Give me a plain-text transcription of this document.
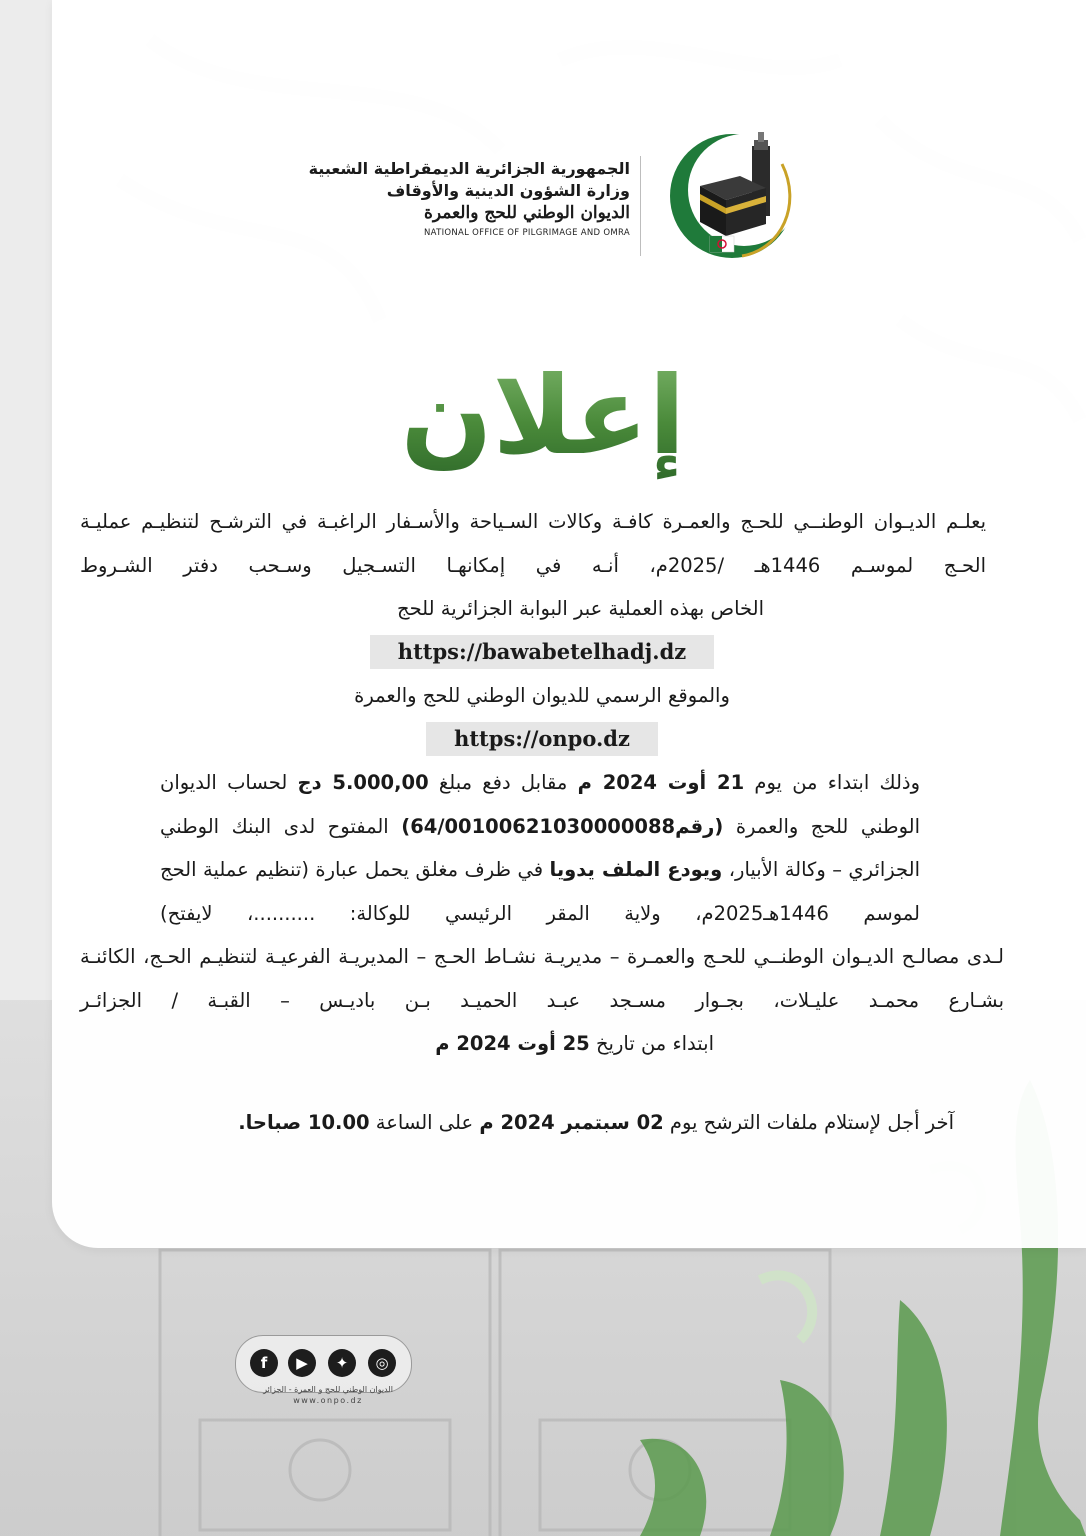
الجمهورية الجزائرية الديمقراطية الشعبية
وزارة الشؤون الدينية والأوقاف
الديوان الوطني للحج والعمرة
NATIONAL OFFICE OF PILGRIMAGE AND OMRA
إعلان
يعلـم الديـوان الوطنــي للحـج والعمـرة كافـة وكالات السـياحة والأسـفار الراغبـة في الترشـح لتنظيـم عمليـة الحـج لموسـم 1446هـ /2025م، أنـه في إمكانهـا التسـجيل وسـحب دفتر الشـروط
الخاص بهذه العملية عبر البوابة الجزائرية للحج
https://bawabetelhadj.dz
والموقع الرسمي للديوان الوطني للحج والعمرة
https://onpo.dz
وذلك ابتداء من يوم 21 أوت 2024 م مقابل دفع مبلغ 5.000,00 دج لحساب الديوان الوطني للحج والعمرة (رقم64/00100621030000088) المفتوح لدى البنك الوطني الجزائري – وكالة الأبيار، ويودع الملف يدويا في ظرف مغلق يحمل عبارة (تنظيم عملية الحج لموسم 1446هـ2025م، ولاية المقر الرئيسي للوكالة: ..........، لايفتح)
لـدى مصالـح الديـوان الوطنــي للحـج والعمـرة – مديريـة نشـاط الحـج – المديريـة الفرعيـة لتنظيـم الحـج، الكائنـة بشـارع محمـد عليـلات، بجـوار مسـجد عبـد الحميـد بـن باديـس – القبـة / الجزائـر
ابتداء من تاريخ 25 أوت 2024 م
آخر أجل لإستلام ملفات الترشح يوم 02 سبتمبر 2024 م على الساعة 10.00 صباحا.
f	▶	✦	◎
الديوان الوطني للحج و العمرة - الجزائر
www.onpo.dz
